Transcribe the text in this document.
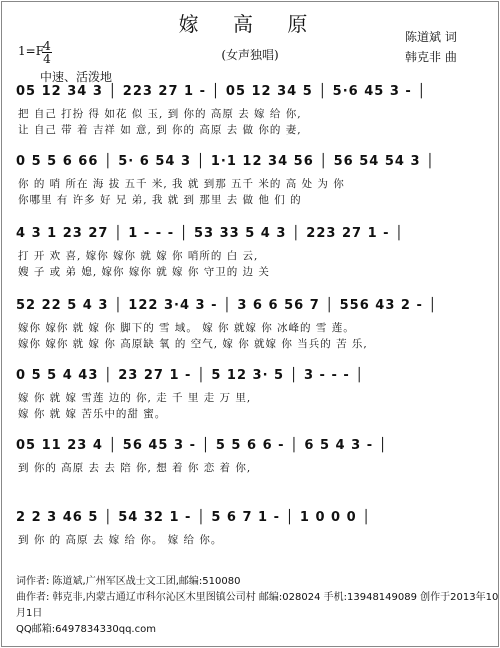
嫁 高 原
(女声独唱)
陈道斌 词
韩克非 曲
1=F 4
4
中速、活泼地
05 12 34 3 │ 223 27 1 - │ 05 12 34 5 │ 5·6 45 3 - │
把 自己 打扮 得 如花 似 玉, 到 你的 高原 去 嫁 给 你,
让 自己 带 着 吉祥 如 意, 到 你的 高原 去 做 你的 妻,
0 5 5 6 66 │ 5· 6 54 3 │ 1·1 12 34 56 │ 56 54 54 3 │
你 的 哨 所在 海 拔 五千 米, 我 就 到那 五千 米的 高 处 为 你
你哪里 有 许多 好 兄 弟, 我 就 到 那里 去 做 他 们 的
4 3 1 23 27 │ 1 - - - │ 53 33 5 4 3 │ 223 27 1 - │
打 开 欢 喜, 嫁你 嫁你 就 嫁 你 哨所的 白 云,
嫂 子 或 弟 媳, 嫁你 嫁你 就 嫁 你 守卫的 边 关
52 22 5 4 3 │ 122 3·4 3 - │ 3 6 6 56 7 │ 556 43 2 - │
嫁你 嫁你 就 嫁 你 脚下的 雪 域。 嫁 你 就嫁 你 冰峰的 雪 莲。
嫁你 嫁你 就 嫁 你 高原缺 氧 的 空气, 嫁 你 就嫁 你 当兵的 苦 乐,
0 5 5 4 43 │ 23 27 1 - │ 5 12 3· 5 │ 3 - - - │
嫁 你 就 嫁 雪莲 边的 你, 走 千 里 走 万 里,
嫁 你 就 嫁 苦乐中的甜 蜜。
05 11 23 4 │ 56 45 3 - │ 5 5 6 6 - │ 6 5 4 3 - │
到 你的 高原 去 去 陪 你, 想 着 你 恋 着 你,
2 2 3 46 5 │ 54 32 1 - │ 5 6 7 1 - │ 1 0 0 0 │
到 你 的 高原 去 嫁 给 你。 嫁 给 你。
词作者: 陈道斌,广州军区战士文工团,邮编:510080
曲作者: 韩克非,内蒙古通辽市科尔沁区木里图镇公司村 邮编:028024 手机:13948149089 创作于2013年10月1日
QQ邮箱:6497834330qq.com
